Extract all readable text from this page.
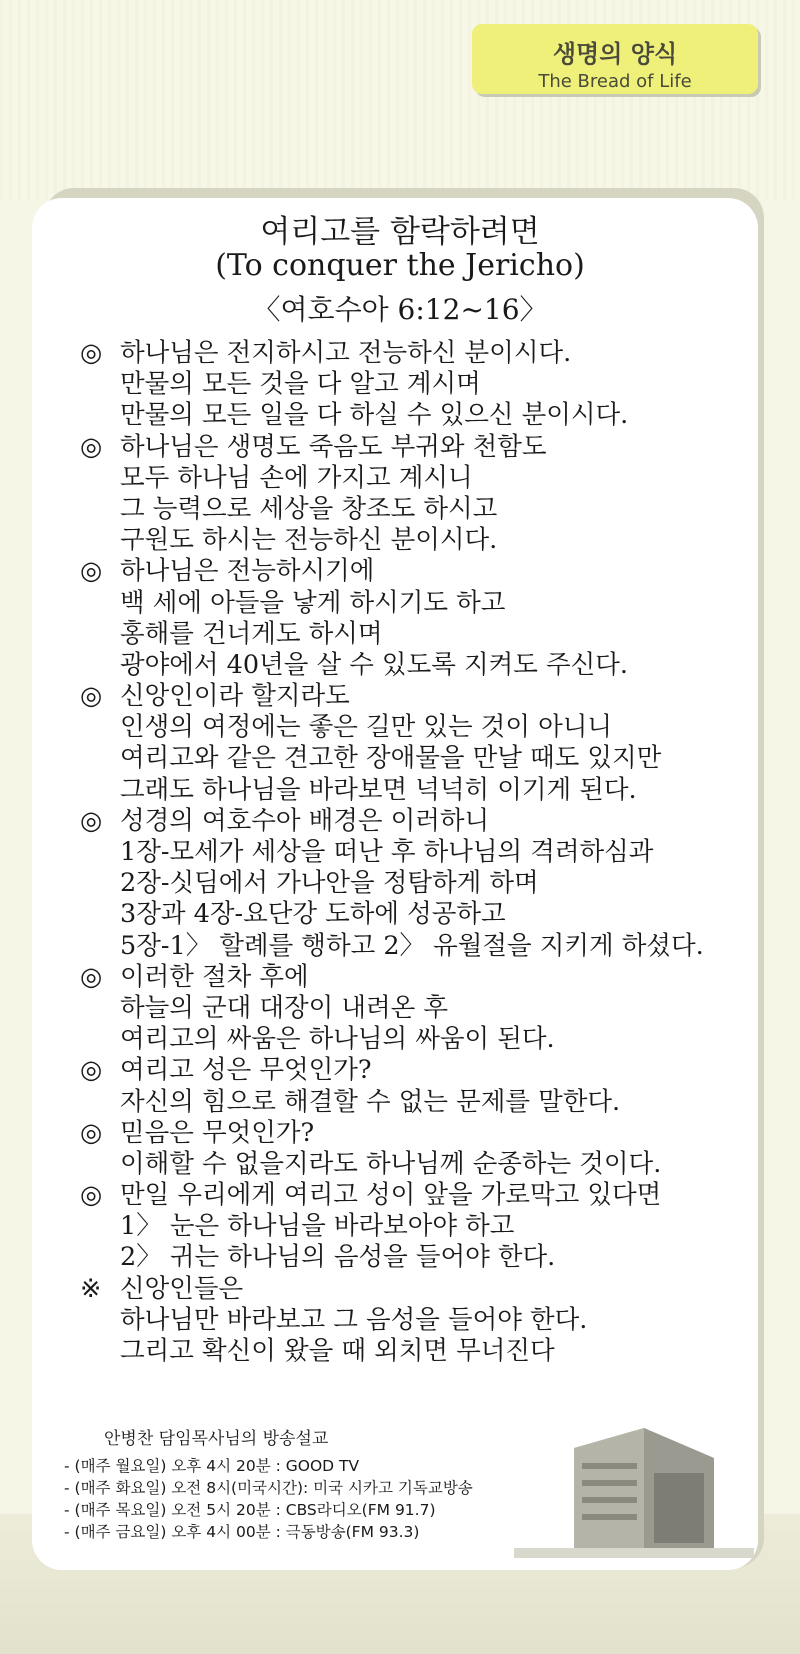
생명의 양식
The Bread of Life
여리고를 함락하려면
(To conquer the Jericho)
〈여호수아 6:12~16〉
◎ 하나님은 전지하시고 전능하신 분이시다.
만물의 모든 것을 다 알고 계시며
만물의 모든 일을 다 하실 수 있으신 분이시다.
◎ 하나님은 생명도 죽음도 부귀와 천함도
모두 하나님 손에 가지고 계시니
그 능력으로 세상을 창조도 하시고
구원도 하시는 전능하신 분이시다.
◎ 하나님은 전능하시기에
백 세에 아들을 낳게 하시기도 하고
홍해를 건너게도 하시며
광야에서 40년을 살 수 있도록 지켜도 주신다.
◎ 신앙인이라 할지라도
인생의 여정에는 좋은 길만 있는 것이 아니니
여리고와 같은 견고한 장애물을 만날 때도 있지만
그래도 하나님을 바라보면 넉넉히 이기게 된다.
◎ 성경의 여호수아 배경은 이러하니
1장-모세가 세상을 떠난 후 하나님의 격려하심과
2장-싯딤에서 가나안을 정탐하게 하며
3장과 4장-요단강 도하에 성공하고
5장-1〉 할례를 행하고 2〉 유월절을 지키게 하셨다.
◎ 이러한 절차 후에
하늘의 군대 대장이 내려온 후
여리고의 싸움은 하나님의 싸움이 된다.
◎ 여리고 성은 무엇인가?
자신의 힘으로 해결할 수 없는 문제를 말한다.
◎ 믿음은 무엇인가?
이해할 수 없을지라도 하나님께 순종하는 것이다.
◎ 만일 우리에게 여리고 성이 앞을 가로막고 있다면
1〉 눈은 하나님을 바라보아야 하고
2〉 귀는 하나님의 음성을 들어야 한다.
※ 신앙인들은
하나님만 바라보고 그 음성을 들어야 한다.
그리고 확신이 왔을 때 외치면 무너진다
안병찬 담임목사님의 방송설교
- (매주 월요일) 오후 4시 20분 : GOOD TV
- (매주 화요일) 오전 8시(미국시간): 미국 시카고 기독교방송
- (매주 목요일) 오전 5시 20분 : CBS라디오(FM 91.7)
- (매주 금요일) 오후 4시 00분 : 극동방송(FM 93.3)
